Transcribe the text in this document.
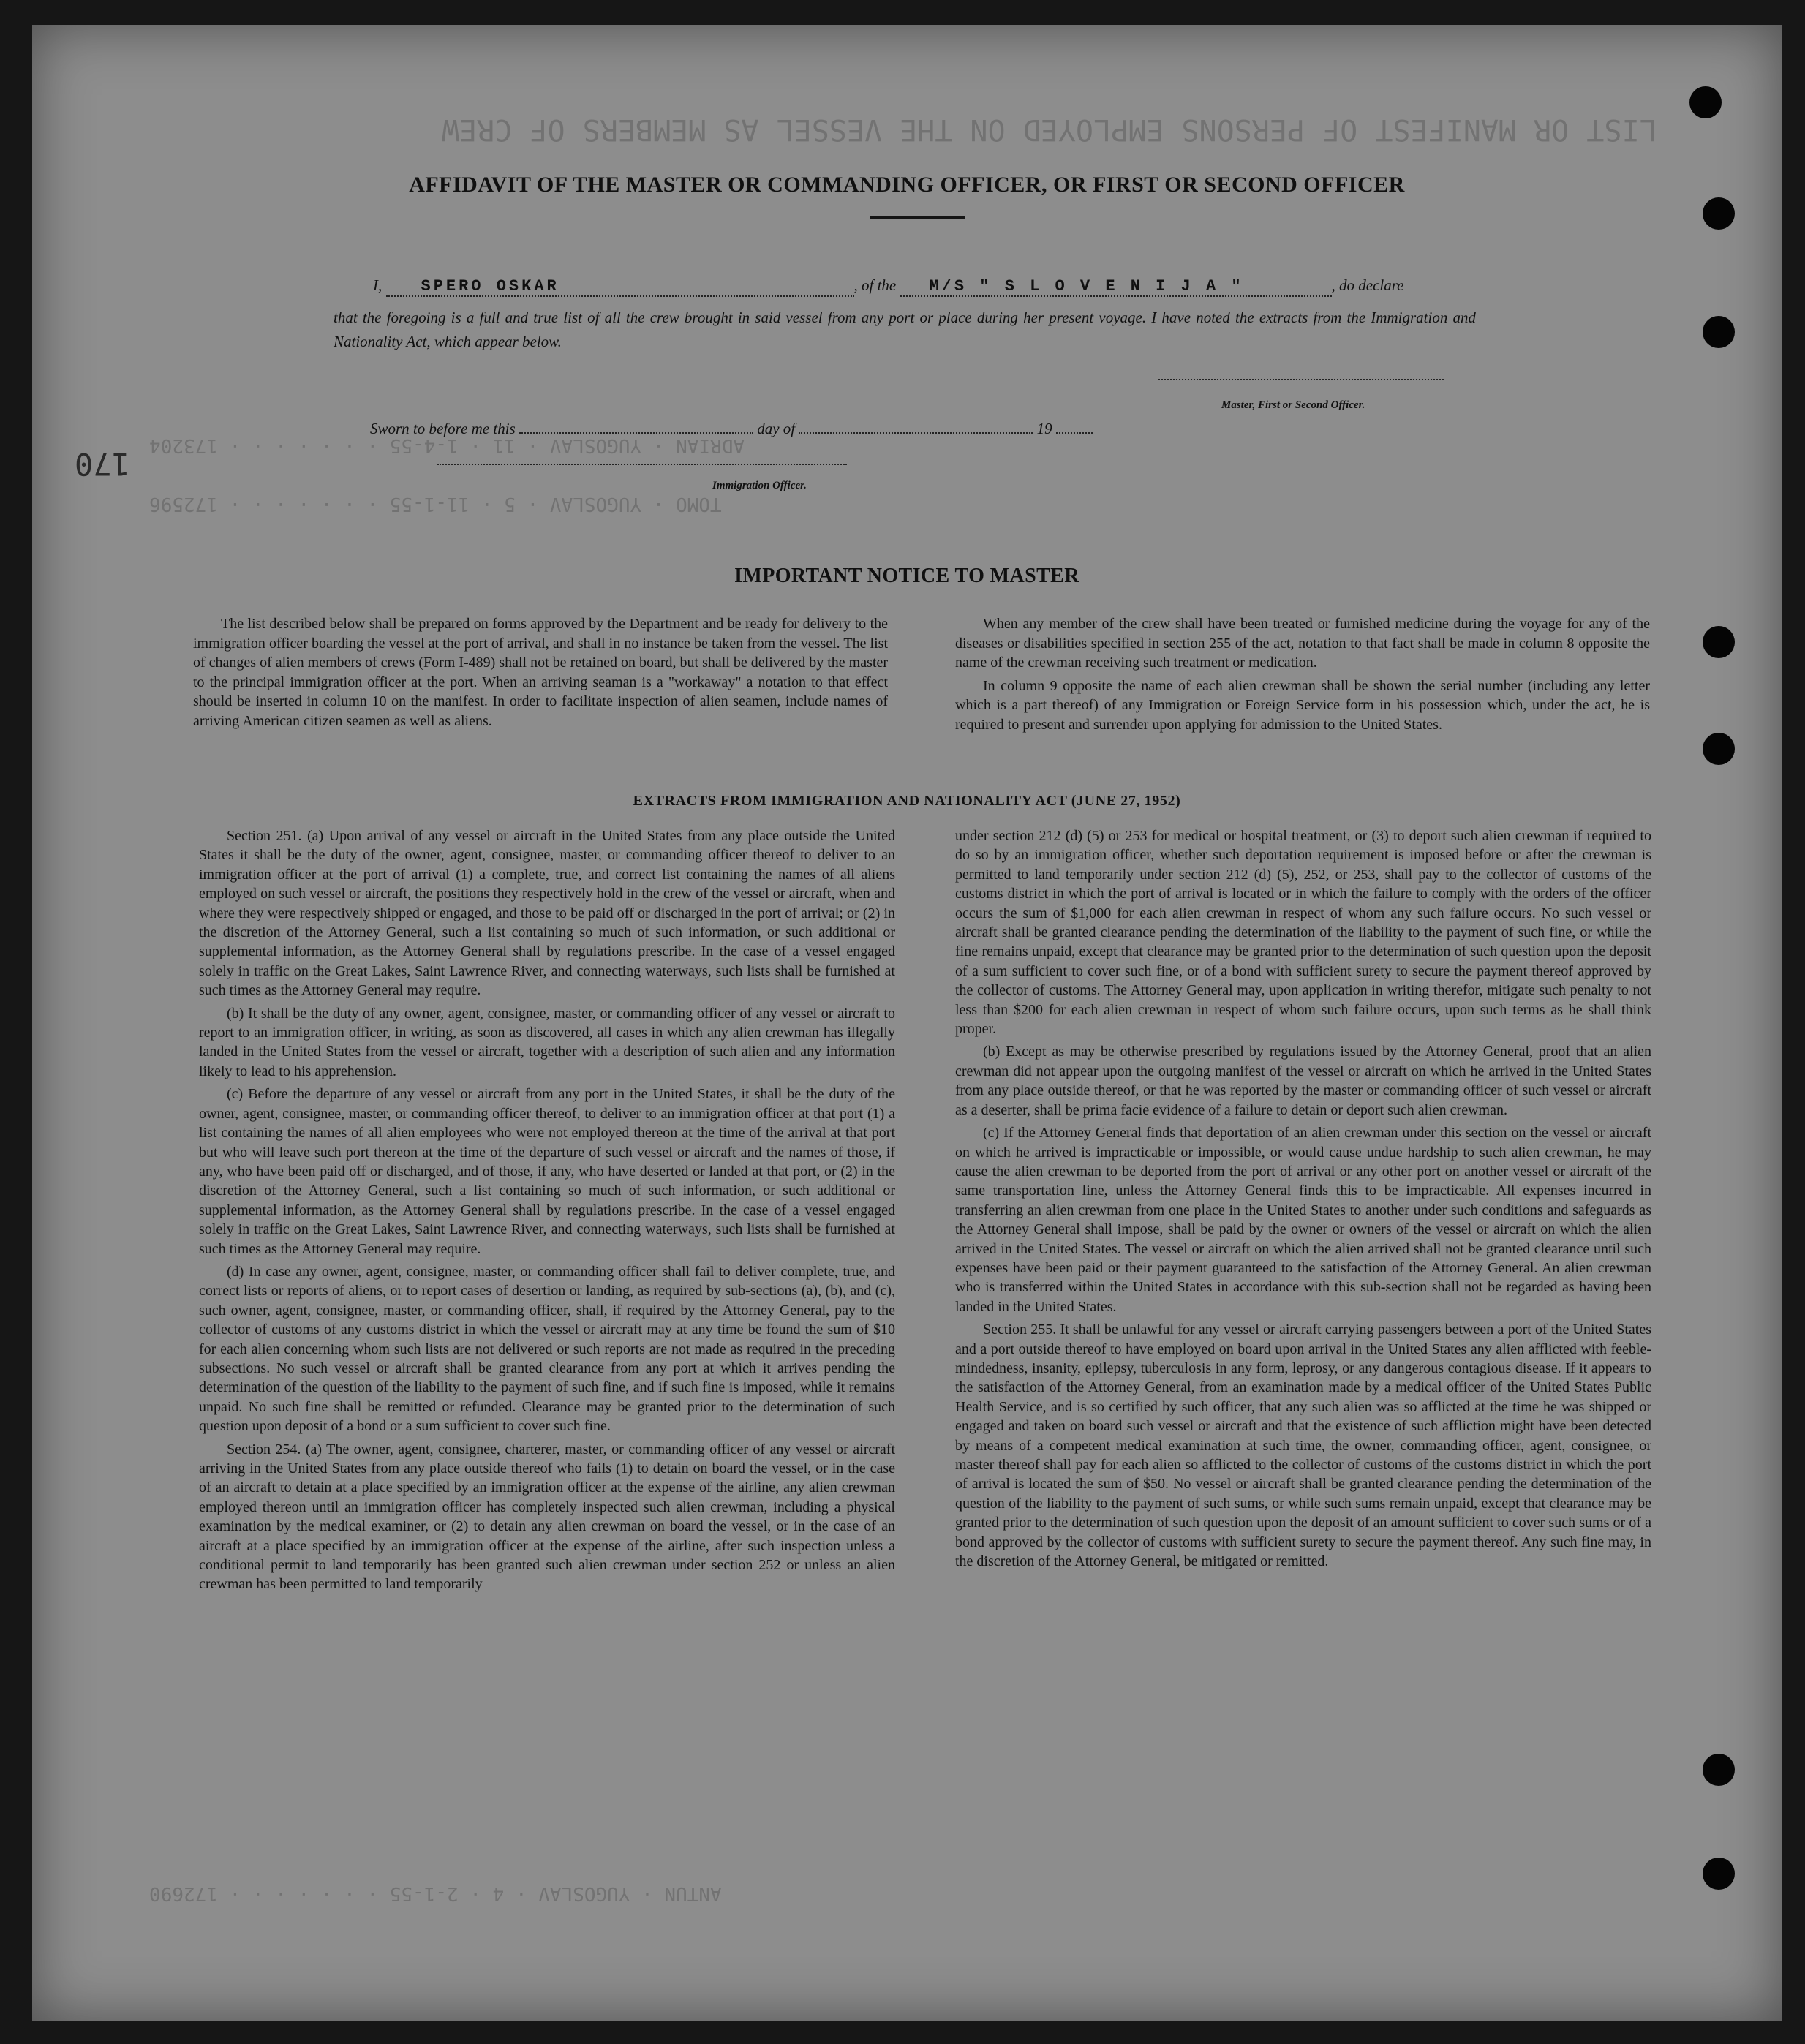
LIST OR MANIFEST OF PERSONS EMPLOYED ON THE VESSEL AS MEMBERS OF CREW
ADRIAN · YUGOSLAV · 11 · 1-4-55 · · · · · · · 173204
TOMO · YUGOSLAV · 5 · 11-1-55 · · · · · · · 172596
ANTUN · YUGOSLAV · 4 · 2-1-55 · · · · · · · 172690
170
AFFIDAVIT OF THE MASTER OR COMMANDING OFFICER, OR FIRST OR SECOND OFFICER
I, SPERO OSKAR	, of the M/S " S L O V E N I J A "	, do declare
that the foregoing is a full and true list of all the crew brought in said vessel from any port or place during her present voyage. I have noted the extracts from the Immigration and Nationality Act, which appear below.
Master, First or Second Officer.
Sworn to before me this	day of	19
Immigration Officer.
IMPORTANT NOTICE TO MASTER

The list described below shall be prepared on forms approved by the Department and be ready for delivery to the immigration officer boarding the vessel at the port of arrival, and shall in no instance be taken from the vessel. The list of changes of alien members of crews (Form I-489) shall not be retained on board, but shall be delivered by the master to the principal immigration officer at the port. When an arriving seaman is a "workaway" a notation to that effect should be inserted in column 10 on the manifest. In order to facilitate inspection of alien seamen, include names of arriving American citizen seamen as well as aliens.

When any member of the crew shall have been treated or furnished medicine during the voyage for any of the diseases or disabilities specified in section 255 of the act, notation to that fact shall be made in column 8 opposite the name of the crewman receiving such treatment or medication.

In column 9 opposite the name of each alien crewman shall be shown the serial number (including any letter which is a part thereof) of any Immigration or Foreign Service form in his possession which, under the act, he is required to present and surrender upon applying for admission to the United States.

EXTRACTS FROM IMMIGRATION AND NATIONALITY ACT (JUNE 27, 1952)

Section 251. (a) Upon arrival of any vessel or aircraft in the United States from any place outside the United States it shall be the duty of the owner, agent, consignee, master, or commanding officer thereof to deliver to an immigration officer at the port of arrival (1) a complete, true, and correct list containing the names of all aliens employed on such vessel or aircraft, the positions they respectively hold in the crew of the vessel or aircraft, when and where they were respectively shipped or engaged, and those to be paid off or discharged in the port of arrival; or (2) in the discretion of the Attorney General, such a list containing so much of such information, or such additional or supplemental information, as the Attorney General shall by regulations prescribe. In the case of a vessel engaged solely in traffic on the Great Lakes, Saint Lawrence River, and connecting waterways, such lists shall be furnished at such times as the Attorney General may require.

(b) It shall be the duty of any owner, agent, consignee, master, or commanding officer of any vessel or aircraft to report to an immigration officer, in writing, as soon as discovered, all cases in which any alien crewman has illegally landed in the United States from the vessel or aircraft, together with a description of such alien and any information likely to lead to his apprehension.

(c) Before the departure of any vessel or aircraft from any port in the United States, it shall be the duty of the owner, agent, consignee, master, or commanding officer thereof, to deliver to an immigration officer at that port (1) a list containing the names of all alien employees who were not employed thereon at the time of the arrival at that port but who will leave such port thereon at the time of the departure of such vessel or aircraft and the names of those, if any, who have been paid off or discharged, and of those, if any, who have deserted or landed at that port, or (2) in the discretion of the Attorney General, such a list containing so much of such information, or such additional or supplemental information, as the Attorney General shall by regulations prescribe. In the case of a vessel engaged solely in traffic on the Great Lakes, Saint Lawrence River, and connecting waterways, such lists shall be furnished at such times as the Attorney General may require.

(d) In case any owner, agent, consignee, master, or commanding officer shall fail to deliver complete, true, and correct lists or reports of aliens, or to report cases of desertion or landing, as required by sub-sections (a), (b), and (c), such owner, agent, consignee, master, or commanding officer, shall, if required by the Attorney General, pay to the collector of customs of any customs district in which the vessel or aircraft may at any time be found the sum of $10 for each alien concerning whom such lists are not delivered or such reports are not made as required in the preceding subsections. No such vessel or aircraft shall be granted clearance from any port at which it arrives pending the determination of the question of the liability to the payment of such fine, and if such fine is imposed, while it remains unpaid. No such fine shall be remitted or refunded. Clearance may be granted prior to the determination of such question upon deposit of a bond or a sum sufficient to cover such fine.

Section 254. (a) The owner, agent, consignee, charterer, master, or commanding officer of any vessel or aircraft arriving in the United States from any place outside thereof who fails (1) to detain on board the vessel, or in the case of an aircraft to detain at a place specified by an immigration officer at the expense of the airline, any alien crewman employed thereon until an immigration officer has completely inspected such alien crewman, including a physical examination by the medical examiner, or (2) to detain any alien crewman on board the vessel, or in the case of an aircraft at a place specified by an immigration officer at the expense of the airline, after such inspection unless a conditional permit to land temporarily has been granted such alien crewman under section 252 or unless an alien crewman has been permitted to land temporarily

under section 212 (d) (5) or 253 for medical or hospital treatment, or (3) to deport such alien crewman if required to do so by an immigration officer, whether such deportation requirement is imposed before or after the crewman is permitted to land temporarily under section 212 (d) (5), 252, or 253, shall pay to the collector of customs of the customs district in which the port of arrival is located or in which the failure to comply with the orders of the officer occurs the sum of $1,000 for each alien crewman in respect of whom any such failure occurs. No such vessel or aircraft shall be granted clearance pending the determination of the liability to the payment of such fine, or while the fine remains unpaid, except that clearance may be granted prior to the determination of such question upon the deposit of a sum sufficient to cover such fine, or of a bond with sufficient surety to secure the payment thereof approved by the collector of customs. The Attorney General may, upon application in writing therefor, mitigate such penalty to not less than $200 for each alien crewman in respect of whom such failure occurs, upon such terms as he shall think proper.

(b) Except as may be otherwise prescribed by regulations issued by the Attorney General, proof that an alien crewman did not appear upon the outgoing manifest of the vessel or aircraft on which he arrived in the United States from any place outside thereof, or that he was reported by the master or commanding officer of such vessel or aircraft as a deserter, shall be prima facie evidence of a failure to detain or deport such alien crewman.

(c) If the Attorney General finds that deportation of an alien crewman under this section on the vessel or aircraft on which he arrived is impracticable or impossible, or would cause undue hardship to such alien crewman, he may cause the alien crewman to be deported from the port of arrival or any other port on another vessel or aircraft of the same transportation line, unless the Attorney General finds this to be impracticable. All expenses incurred in transferring an alien crewman from one place in the United States to another under such conditions and safeguards as the Attorney General shall impose, shall be paid by the owner or owners of the vessel or aircraft on which the alien arrived in the United States. The vessel or aircraft on which the alien arrived shall not be granted clearance until such expenses have been paid or their payment guaranteed to the satisfaction of the Attorney General. An alien crewman who is transferred within the United States in accordance with this sub-section shall not be regarded as having been landed in the United States.

Section 255. It shall be unlawful for any vessel or aircraft carrying passengers between a port of the United States and a port outside thereof to have employed on board upon arrival in the United States any alien afflicted with feeble-mindedness, insanity, epilepsy, tuberculosis in any form, leprosy, or any dangerous contagious disease. If it appears to the satisfaction of the Attorney General, from an examination made by a medical officer of the United States Public Health Service, and is so certified by such officer, that any such alien was so afflicted at the time he was shipped or engaged and taken on board such vessel or aircraft and that the existence of such affliction might have been detected by means of a competent medical examination at such time, the owner, commanding officer, agent, consignee, or master thereof shall pay for each alien so afflicted to the collector of customs of the customs district in which the port of arrival is located the sum of $50. No vessel or aircraft shall be granted clearance pending the determination of the question of the liability to the payment of such sums, or while such sums remain unpaid, except that clearance may be granted prior to the determination of such question upon the deposit of an amount sufficient to cover such sums or of a bond approved by the collector of customs with sufficient surety to secure the payment thereof. Any such fine may, in the discretion of the Attorney General, be mitigated or remitted.
